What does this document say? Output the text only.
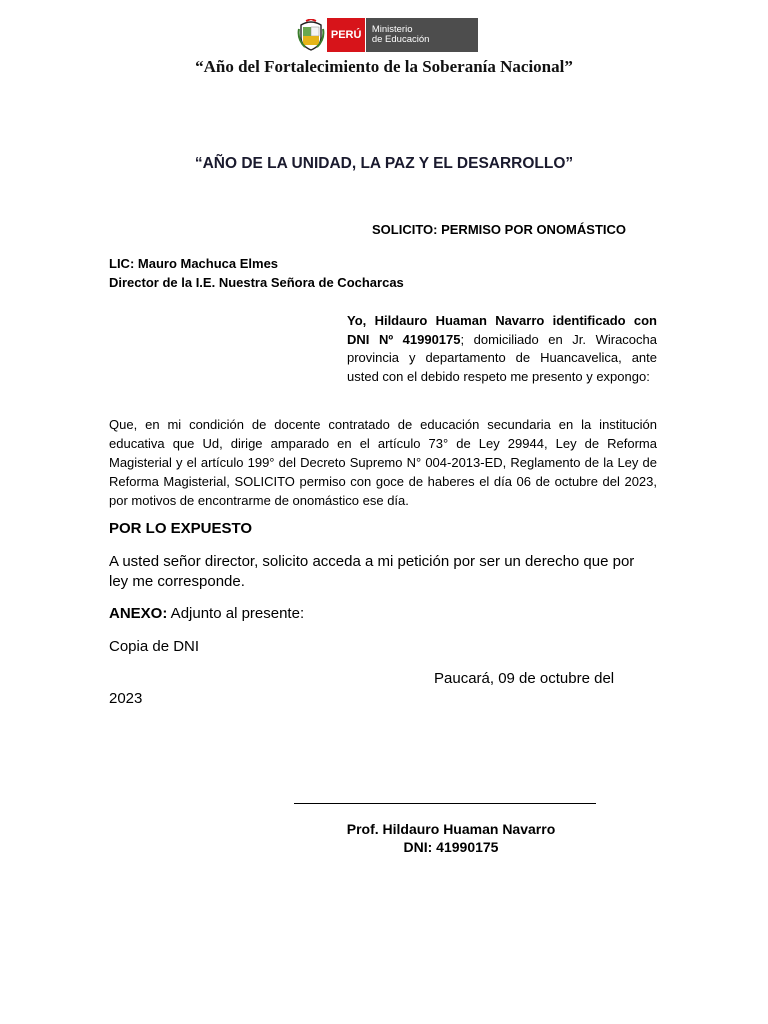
PERÚ	Ministerio
de Educación
“Año del Fortalecimiento de la Soberanía Nacional”
“AÑO DE LA UNIDAD, LA PAZ Y EL DESARROLLO”
SOLICITO: PERMISO POR ONOMÁSTICO
LIC: Mauro Machuca Elmes
Director de la I.E. Nuestra Señora de Cocharcas
Yo, Hildauro Huaman Navarro identificado con DNI Nº 41990175; domiciliado en Jr. Wiracocha provincia y departamento de Huancavelica, ante usted con el debido respeto me presento y expongo:
Que, en mi condición de docente contratado de educación secundaria en la institución educativa que Ud, dirige amparado en el artículo 73° de Ley 29944, Ley de Reforma Magisterial y el artículo 199° del Decreto Supremo N° 004-2013-ED, Reglamento de la Ley de Reforma Magisterial, SOLICITO permiso con goce de haberes el día 06 de octubre del 2023, por motivos de encontrarme de onomástico ese día.
POR LO EXPUESTO
A usted señor director, solicito acceda a mi petición por ser un derecho que por ley me corresponde.
ANEXO: Adjunto al presente:
Copia de DNI
Paucará, 09 de octubre del
2023
Prof. Hildauro Huaman Navarro
DNI: 41990175
